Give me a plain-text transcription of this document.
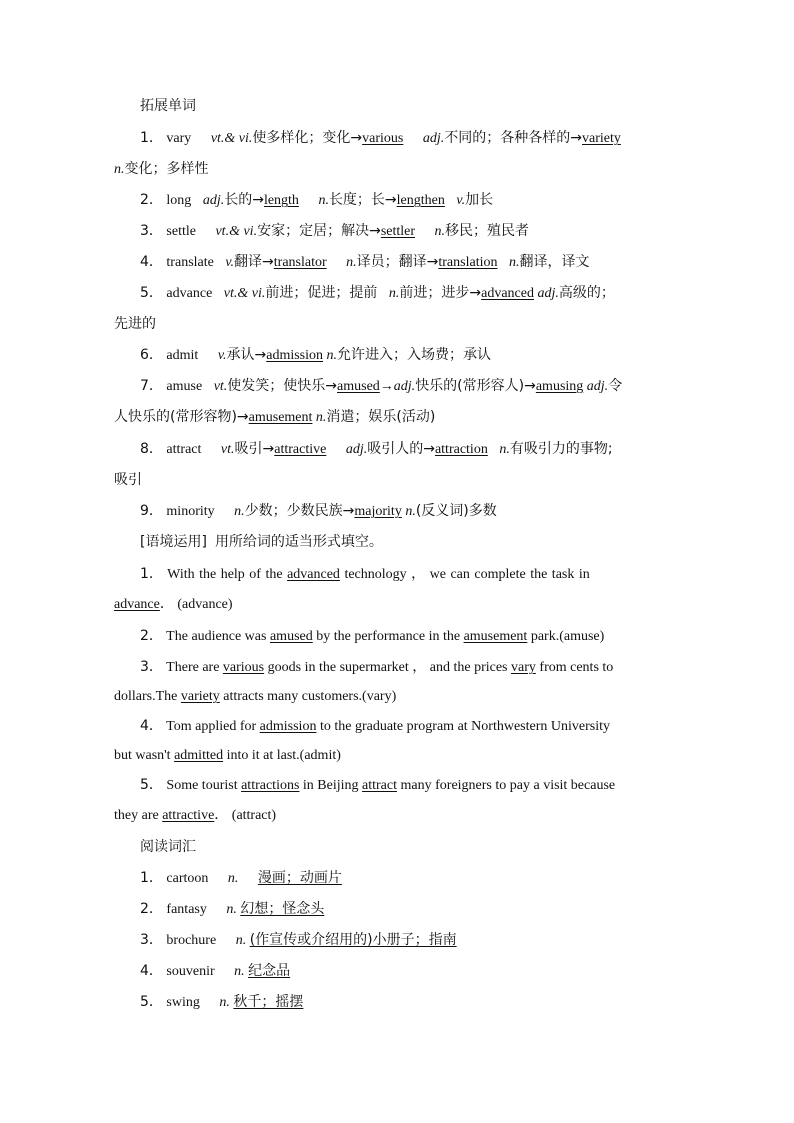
拓展单词
1． vary vt.& vi.使多样化；变化→various adj.不同的；各种各样的→variety
n.变化；多样性
2． long adj.长的→length n.长度；长→lengthen v.加长
3． settle vt.& vi.安家；定居；解决→settler n.移民；殖民者
4． translate v.翻译→translator n.译员；翻译→translation n.翻译，译文
5． advance vt.& vi.前进；促进；提前 n.前进；进步→advanced adj.高级的；
先进的
6． admit v.承认→admission n.允许进入；入场费；承认
7． amuse vt.使发笑；使快乐→amused→adj.快乐的(常形容人)→amusing adj.令
人快乐的(常形容物)→amusement n.消遣；娱乐(活动)
8． attract vt.吸引→attractive adj.吸引人的→attraction n.有吸引力的事物;
吸引
9． minority n.少数；少数民族→majority n.(反义词)多数
[语境运用] 用所给词的适当形式填空。
1． With the help of the advanced technology ， we can complete the task in
advance． (advance)
2． The audience was amused by the performance in the amusement park.(amuse)
3． There are various goods in the supermarket ， and the prices vary from cents to
dollars.The variety attracts many customers.(vary)
4． Tom applied for admission to the graduate program at Northwestern University
but wasn't admitted into it at last.(admit)
5． Some tourist attractions in Beijing attract many foreigners to pay a visit because
they are attractive． (attract)
阅读词汇
1． cartoon n. 漫画；动画片
2． fantasy n. 幻想；怪念头
3． brochure n. (作宣传或介绍用的)小册子；指南
4． souvenir n. 纪念品
5． swing n. 秋千；摇摆
